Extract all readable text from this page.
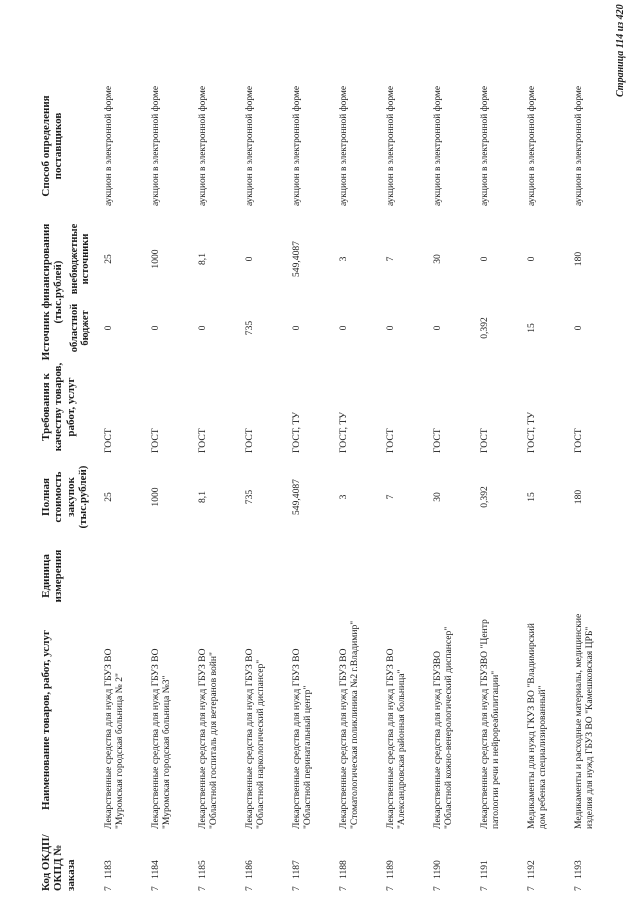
Код ОКДП/ ОКПД № заказа	Наименование товаров, работ, услуг	Единица измерения	Полная стоимость закупок (тыс.рублей)	Требования к качеству товаров, работ, услуг	Источник финансирования (тыс.рублей)		Способ определения поставщиков
					областной бюджет	внебюджетные источники	

71183	Лекарственные средства для нужд ГБУЗ ВО "Муромская городская больница № 2"		25	ГОСТ	0	25	аукцион в электронной форме
71184	Лекарственные средства для нужд ГБУЗ ВО "Муромская городская больница №3"		1000	ГОСТ	0	1000	аукцион в электронной форме
71185	Лекарственные средства для нужд ГБУЗ ВО "Областной госпиталь для ветеранов войн"		8,1	ГОСТ	0	8,1	аукцион в электронной форме
71186	Лекарственные средства для нужд ГБУЗ ВО "Областной наркологический диспансер"		735	ГОСТ	735	0	аукцион в электронной форме
71187	Лекарственные средства для нужд ГБУЗ ВО "Областной перинатальный центр"		549,4087	ГОСТ, ТУ	0	549,4087	аукцион в электронной форме
71188	Лекарственные средства для нужд ГБУЗ ВО "Стоматологическая поликлиника №2 г.Владимир"		3	ГОСТ, ТУ	0	3	аукцион в электронной форме
71189	Лекарственные средства для нужд ГБУЗ ВО "Александровская районная больница"		7	ГОСТ	0	7	аукцион в электронной форме
71190	Лекарственные средства для нужд ГБУЗВО "Областной кожно-венерологический диспансер"		30	ГОСТ	0	30	аукцион в электронной форме
71191	Лекарственные средства для нужд ГБУЗВО "Центр патологии речи и нейрореабилитации"		0,392	ГОСТ	0,392	0	аукцион в электронной форме
71192	Медикаменты для нужд ГКУЗ ВО "Владимирский дом ребенка специализированный"		15	ГОСТ, ТУ	15	0	аукцион в электронной форме
71193	Медикаменты и расходные материалы, медицинские изделия для нужд ГБУЗ ВО "Камешковская ЦРБ"		180	ГОСТ	0	180	аукцион в электронной форме
Страница 114 из 420
